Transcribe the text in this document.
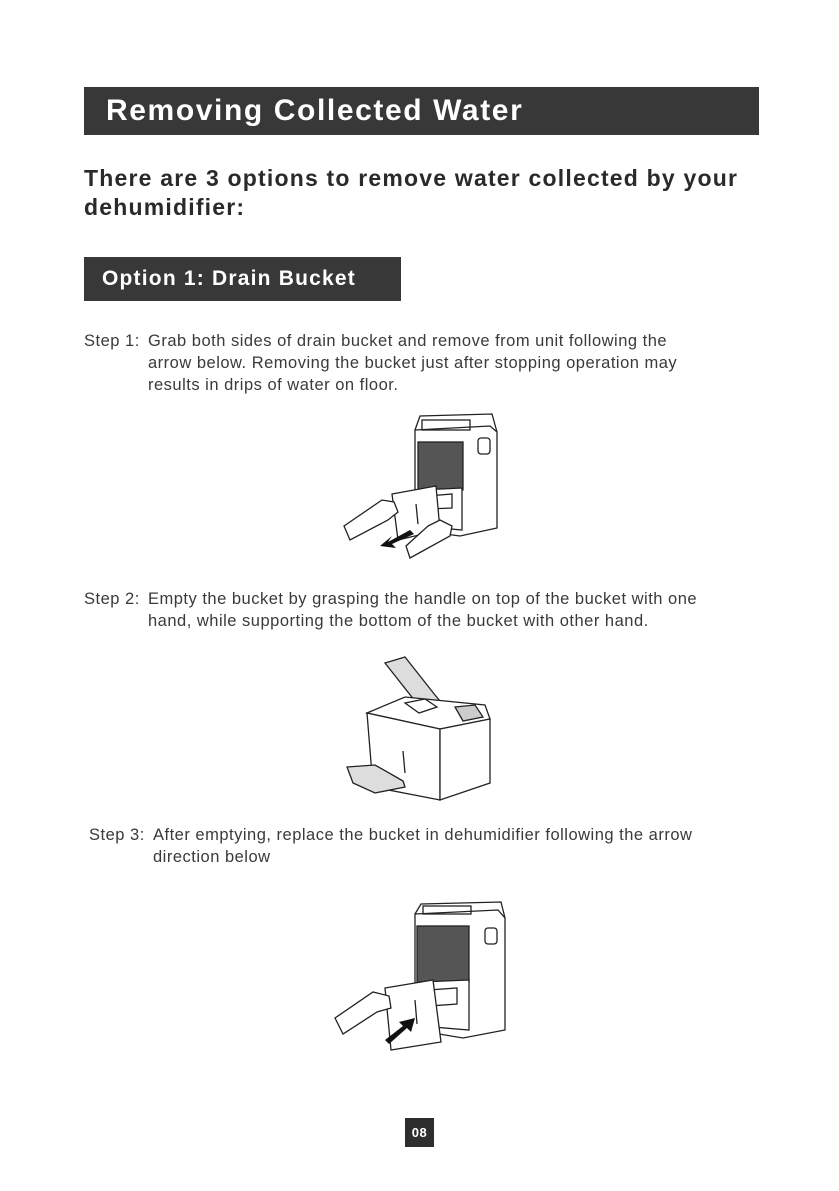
Removing Collected Water

There are 3 options to remove water collected by your dehumidifier:

Option 1: Drain Bucket
Step 1: Grab both sides of drain bucket and remove from unit following the
arrow below. Removing the bucket just after stopping operation may
results in drips of water on floor.
Step 2: Empty the bucket by grasping the handle on top of the bucket with one
hand, while supporting the bottom of the bucket with other hand.
Step 3: After emptying, replace the bucket in dehumidifier following the arrow
direction below
08
